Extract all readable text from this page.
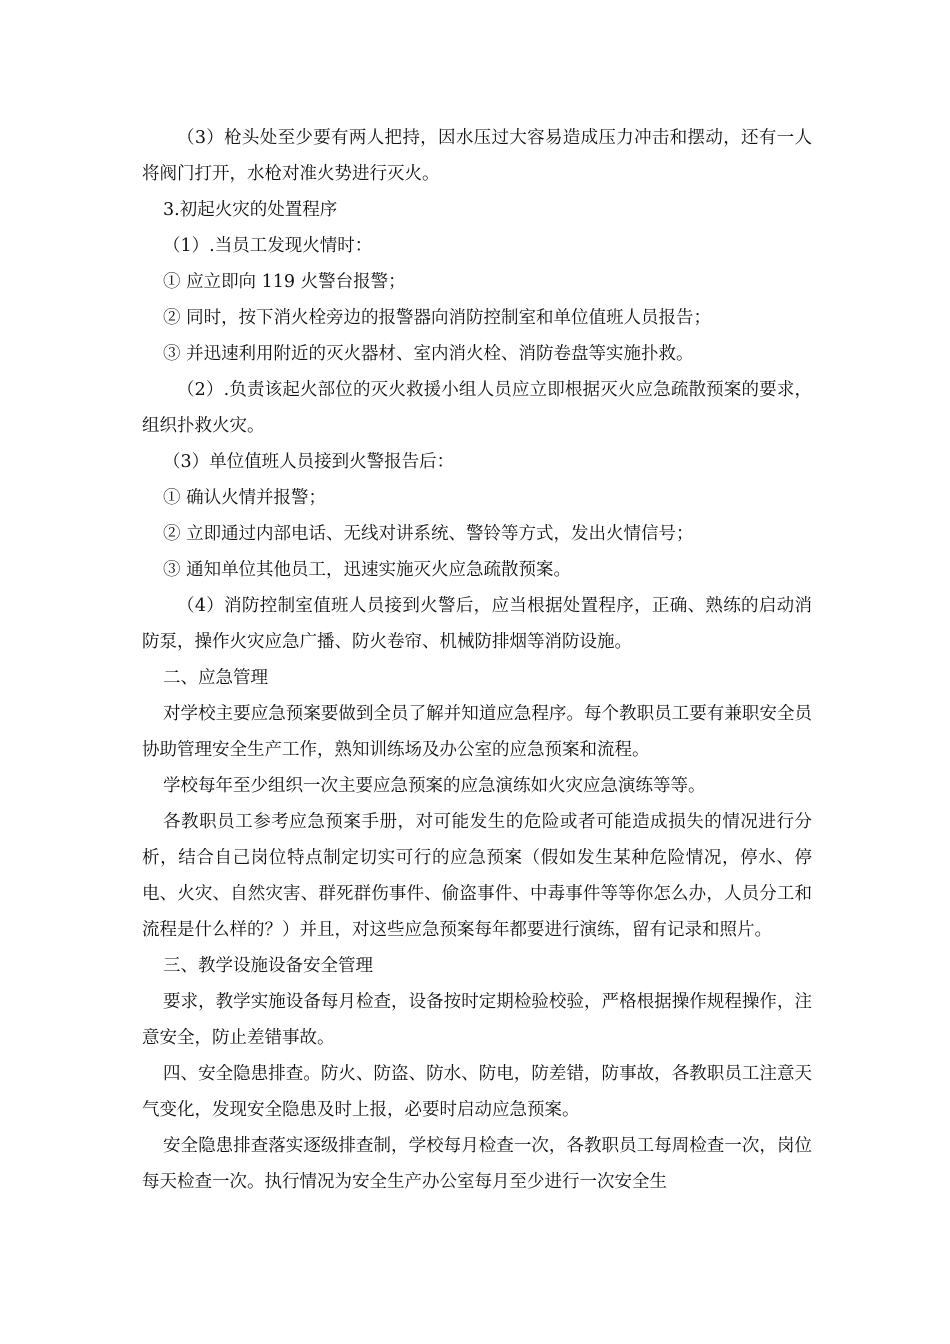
（3）枪头处至少要有两人把持，因水压过大容易造成压力冲击和摆动，还有一人将阀门打开，水枪对准火势进行灭火。

3.初起火灾的处置程序

（1）.当员工发现火情时：

① 应立即向 119 火警台报警；

② 同时，按下消火栓旁边的报警器向消防控制室和单位值班人员报告；

③ 并迅速利用附近的灭火器材、室内消火栓、消防卷盘等实施扑救。

（2）.负责该起火部位的灭火救援小组人员应立即根据灭火应急疏散预案的要求，组织扑救火灾。

（3）单位值班人员接到火警报告后：

① 确认火情并报警；

② 立即通过内部电话、无线对讲系统、警铃等方式，发出火情信号；

③ 通知单位其他员工，迅速实施灭火应急疏散预案。

（4）消防控制室值班人员接到火警后，应当根据处置程序，正确、熟练的启动消防泵，操作火灾应急广播、防火卷帘、机械防排烟等消防设施。

二、应急管理

对学校主要应急预案要做到全员了解并知道应急程序。每个教职员工要有兼职安全员协助管理安全生产工作，熟知训练场及办公室的应急预案和流程。

学校每年至少组织一次主要应急预案的应急演练如火灾应急演练等等。

各教职员工参考应急预案手册，对可能发生的危险或者可能造成损失的情况进行分析，结合自己岗位特点制定切实可行的应急预案（假如发生某种危险情况，停水、停电、火灾、自然灾害、群死群伤事件、偷盗事件、中毒事件等等你怎么办，人员分工和流程是什么样的？）并且，对这些应急预案每年都要进行演练，留有记录和照片。

三、教学设施设备安全管理

要求，教学实施设备每月检查，设备按时定期检验校验，严格根据操作规程操作，注意安全，防止差错事故。

四、安全隐患排查。防火、防盗、防水、防电，防差错，防事故，各教职员工注意天气变化，发现安全隐患及时上报，必要时启动应急预案。

安全隐患排查落实逐级排查制，学校每月检查一次，各教职员工每周检查一次，岗位每天检查一次。执行情况为安全生产办公室每月至少进行一次安全生
